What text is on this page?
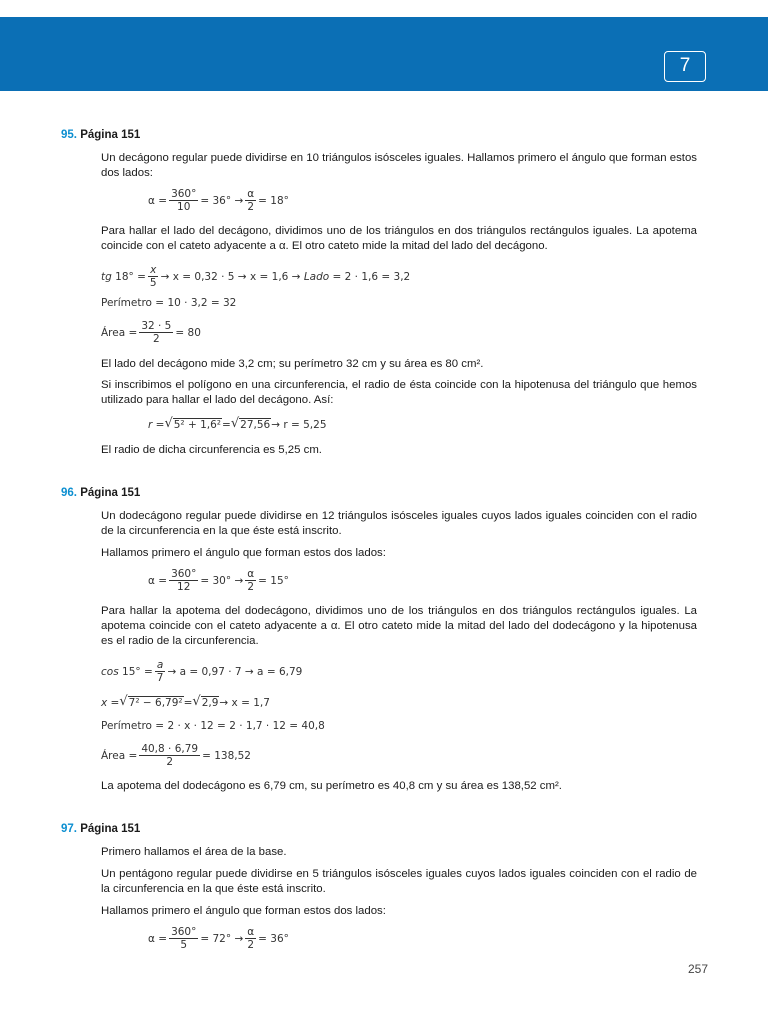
7
95. Página 151
Un decágono regular puede dividirse en 10 triángulos isósceles iguales. Hallamos primero el ángulo que forman estos dos lados:
$\alpha = \frac{360^\circ}{10} = 36^\circ \to \frac{\alpha}{2} = 18^\circ$
Para hallar el lado del decágono, dividimos uno de los triángulos en dos triángulos rectángulos iguales. La apotema coincide con el cateto adyacente a α. El otro cateto mide la mitad del lado del decágono.
tg
$18^\circ = \frac{x}{5} \to x = 0,32 \cdot 5 \to x = 1,6$ →
Lado
= 2 · 1,6 = 3,2
Perímetro = 10 · 3,2 = 32
Área = $\frac{32 \cdot 5}{2} = 80$
El lado del decágono mide 3,2 cm; su perímetro 32 cm y su área es 80 cm².
Si inscribimos el polígono en una circunferencia, el radio de ésta coincide con la hipotenusa del triángulo que hemos utilizado para hallar el lado del decágono. Así:
r = √ 5² + 1,6² = √ 27,56 → r = 5,25
El radio de dicha circunferencia es 5,25 cm.
96. Página 151
Un dodecágono regular puede dividirse en 12 triángulos isósceles iguales cuyos lados iguales coinciden con el radio de la circunferencia en la que éste está inscrito.
Hallamos primero el ángulo que forman estos dos lados:
$\alpha = \frac{360^\circ}{12} = 30^\circ \to \frac{\alpha}{2} = 15^\circ$
Para hallar la apotema del dodecágono, dividimos uno de los triángulos en dos triángulos rectángulos iguales. La apotema coincide con el cateto adyacente a α. El otro cateto mide la mitad del lado del dodecágono y la hipotenusa es el radio de la circunferencia.
cos
$15^\circ = \frac{a}{7} \to a = 0,97 \cdot 7 \to a = 6,79$
x = √ 7² − 6,79² = √ 2,9 → x = 1,7
Perímetro = 2 · x · 12 = 2 · 1,7 · 12 = 40,8
Área = $\frac{40,8 \cdot 6,79}{2} = 138,52$
La apotema del dodecágono es 6,79 cm, su perímetro es 40,8 cm y su área es 138,52 cm².
97. Página 151
Primero hallamos el área de la base.
Un pentágono regular puede dividirse en 5 triángulos isósceles iguales cuyos lados iguales coinciden con el radio de la circunferencia en la que éste está inscrito.
Hallamos primero el ángulo que forman estos dos lados:
$\alpha = \frac{360^\circ}{5} = 72^\circ \to \frac{\alpha}{2} = 36^\circ$
257
